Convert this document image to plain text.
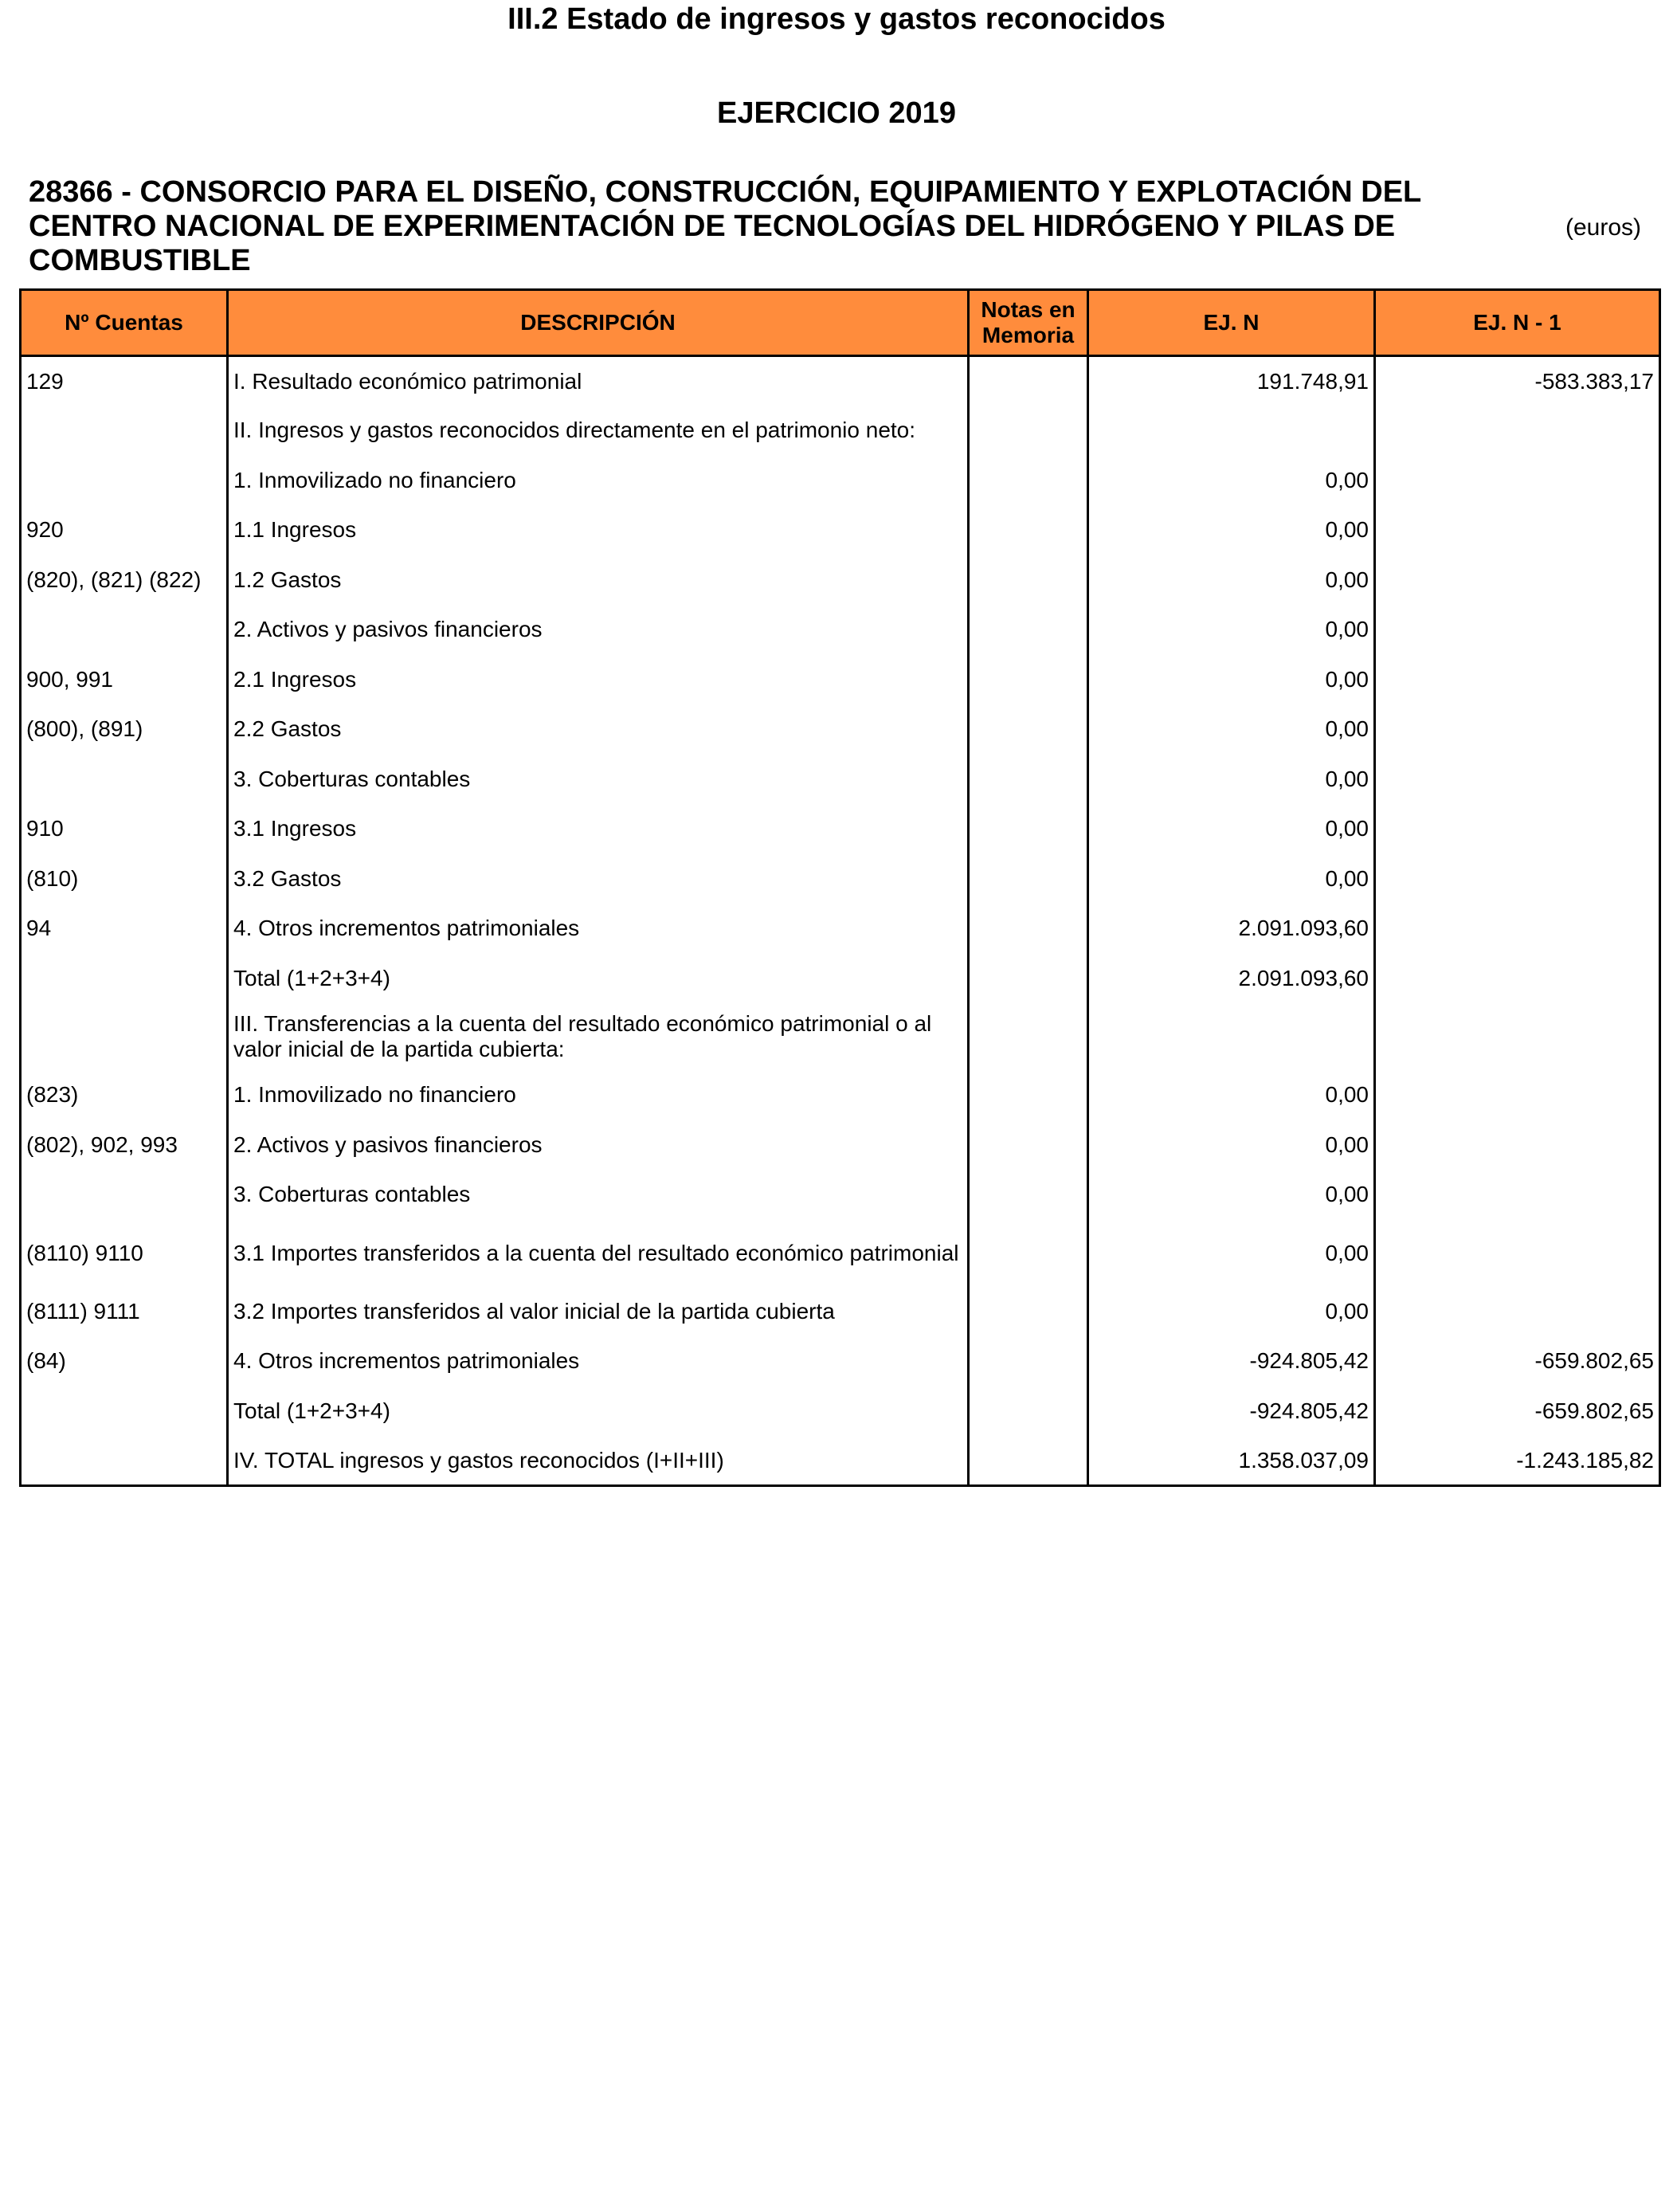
III.2 Estado de ingresos y gastos reconocidos
EJERCICIO 2019
28366 - CONSORCIO PARA EL DISEÑO, CONSTRUCCIÓN, EQUIPAMIENTO Y EXPLOTACIÓN DEL CENTRO NACIONAL DE EXPERIMENTACIÓN DE TECNOLOGÍAS DEL HIDRÓGENO Y PILAS DE COMBUSTIBLE
(euros)
Nº Cuentas	DESCRIPCIÓN	Notas en Memoria	EJ. N	EJ. N - 1
129	I. Resultado económico patrimonial		191.748,91	-583.383,17
	II. Ingresos y gastos reconocidos directamente en el patrimonio neto:			
	1. Inmovilizado no financiero		0,00	
920	1.1 Ingresos		0,00	
(820), (821) (822)	1.2 Gastos		0,00	
	2. Activos y pasivos financieros		0,00	
900, 991	2.1 Ingresos		0,00	
(800), (891)	2.2 Gastos		0,00	
	3. Coberturas contables		0,00	
910	3.1 Ingresos		0,00	
(810)	3.2 Gastos		0,00	
94	4. Otros incrementos patrimoniales		2.091.093,60	
	Total (1+2+3+4)		2.091.093,60	
	III. Transferencias a la cuenta del resultado económico patrimonial o al valor inicial de la partida cubierta:			
(823)	1. Inmovilizado no financiero		0,00	
(802), 902, 993	2. Activos y pasivos financieros		0,00	
	3. Coberturas contables		0,00	
(8110) 9110	3.1 Importes transferidos a la cuenta del resultado económico patrimonial		0,00	
(8111) 9111	3.2 Importes transferidos al valor inicial de la partida cubierta		0,00	
(84)	4. Otros incrementos patrimoniales		-924.805,42	-659.802,65
	Total (1+2+3+4)		-924.805,42	-659.802,65
	IV. TOTAL ingresos y gastos reconocidos (I+II+III)		1.358.037,09	-1.243.185,82
